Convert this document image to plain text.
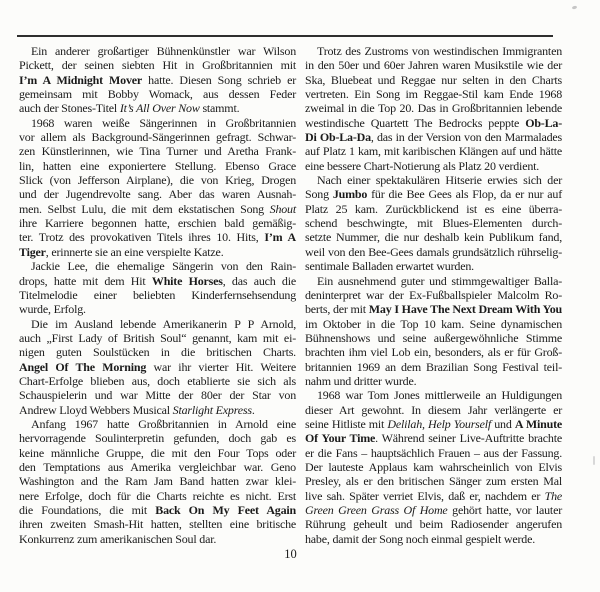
Ein anderer großartiger Bühnenkünstler war Wilson
Pickett, der seinen siebten Hit in Großbritannien mit
I’m A Midnight Mover hatte. Diesen Song schrieb er
gemeinsam mit Bobby Womack, aus dessen Feder
auch der Stones-Titel It’s All Over Now stammt.
1968 waren weiße Sängerinnen in Großbritannien
vor allem als Background-Sängerinnen gefragt. Schwar-
zen Künstlerinnen, wie Tina Turner und Aretha Frank-
lin, hatten eine exponiertere Stellung. Ebenso Grace
Slick (von Jefferson Airplane), die von Krieg, Drogen
und der Jugendrevolte sang. Aber das waren Ausnah-
men. Selbst Lulu, die mit dem ekstatischen Song Shout
ihre Karriere begonnen hatte, erschien bald gemäßig-
ter. Trotz des provokativen Titels ihres 10. Hits, I’m A
Tiger, erinnerte sie an eine verspielte Katze.
Jackie Lee, die ehemalige Sängerin von den Rain-
drops, hatte mit dem Hit White Horses, das auch die
Titelmelodie einer beliebten Kinderfernsehsendung
wurde, Erfolg.
Die im Ausland lebende Amerikanerin P P Arnold,
auch „First Lady of British Soul“ genannt, kam mit ei-
nigen guten Soulstücken in die britischen Charts.
Angel Of The Morning war ihr vierter Hit. Weitere
Chart-Erfolge blieben aus, doch etablierte sie sich als
Schauspielerin und war Mitte der 80er der Star von
Andrew Lloyd Webbers Musical Starlight Express.
Anfang 1967 hatte Großbritannien in Arnold eine
hervorragende Soulinterpretin gefunden, doch gab es
keine männliche Gruppe, die mit den Four Tops oder
den Temptations aus Amerika vergleichbar war. Geno
Washington and the Ram Jam Band hatten zwar klei-
nere Erfolge, doch für die Charts reichte es nicht. Erst
die Foundations, die mit Back On My Feet Again
ihren zweiten Smash-Hit hatten, stellten eine britische
Konkurrenz zum amerikanischen Soul dar.
Trotz des Zustroms von westindischen Immigranten
in den 50er und 60er Jahren waren Musikstile wie der
Ska, Bluebeat und Reggae nur selten in den Charts
vertreten. Ein Song im Reggae-Stil kam Ende 1968
zweimal in die Top 20. Das in Großbritannien lebende
westindische Quartett The Bedrocks peppte Ob-La-
Di Ob-La-Da, das in der Version von den Marmalades
auf Platz 1 kam, mit karibischen Klängen auf und hätte
eine bessere Chart-Notierung als Platz 20 verdient.
Nach einer spektakulären Hitserie erwies sich der
Song Jumbo für die Bee Gees als Flop, da er nur auf
Platz 25 kam. Zurückblickend ist es eine überra-
schend beschwingte, mit Blues-Elementen durch-
setzte Nummer, die nur deshalb kein Publikum fand,
weil von den Bee-Gees damals grundsätzlich rührselig-
sentimale Balladen erwartet wurden.
Ein ausnehmend guter und stimmgewaltiger Balla-
deninterpret war der Ex-Fußballspieler Malcolm Ro-
berts, der mit May I Have The Next Dream With You
im Oktober in die Top 10 kam. Seine dynamischen
Bühnenshows und seine außergewöhnliche Stimme
brachten ihm viel Lob ein, besonders, als er für Groß-
britannien 1969 an dem Brazilian Song Festival teil-
nahm und dritter wurde.
1968 war Tom Jones mittlerweile an Huldigungen
dieser Art gewohnt. In diesem Jahr verlängerte er
seine Hitliste mit Delilah, Help Yourself und A Minute
Of Your Time. Während seiner Live-Auftritte brachte
er die Fans – hauptsächlich Frauen – aus der Fassung.
Der lauteste Applaus kam wahrscheinlich von Elvis
Presley, als er den britischen Sänger zum ersten Mal
live sah. Später verriet Elvis, daß er, nachdem er The
Green Green Grass Of Home gehört hatte, vor lauter
Rührung geheult und beim Radiosender angerufen
habe, damit der Song noch einmal gespielt werde.
10
